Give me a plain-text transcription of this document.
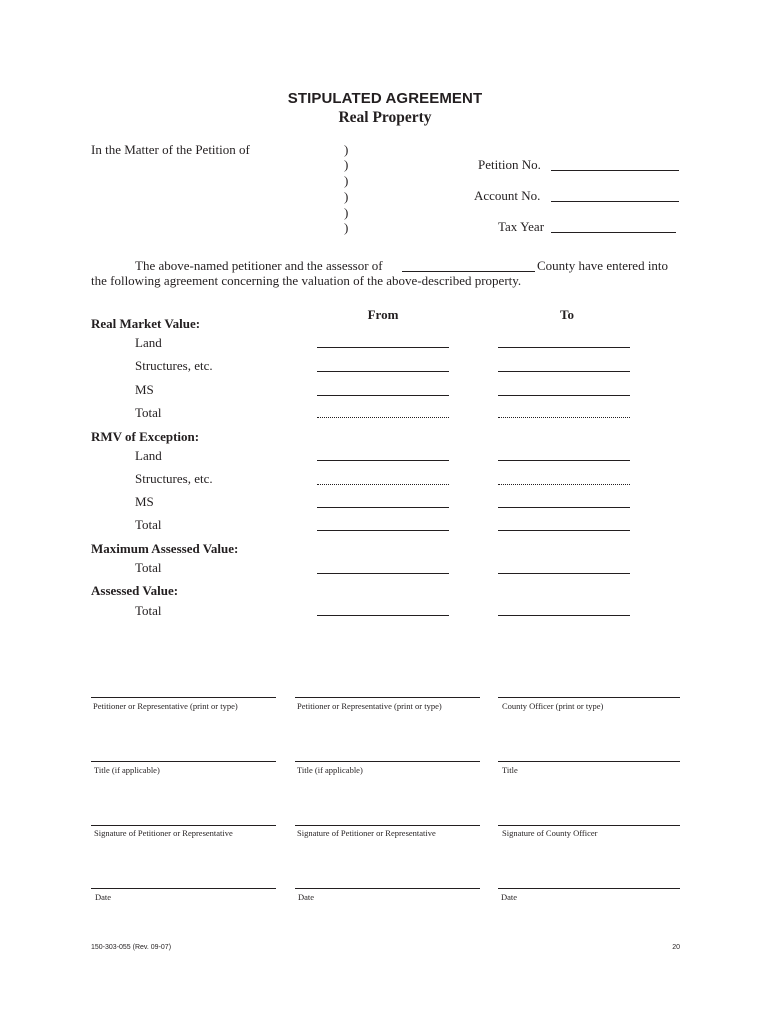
STIPULATED AGREEMENT
Real Property
In the Matter of the Petition of	)
)
)
)
)
)
Petition No.
Account No.
Tax Year
The above-named petitioner and the assessor of	County have entered into
the following agreement concerning the valuation of the above-described property.
From	To
Real Market Value:
Land
Structures, etc.
MS
Total
RMV of Exception:
Land
Structures, etc.
MS
Total
Maximum Assessed Value:
Total
Assessed Value:
Total
Petitioner or Representative (print or type)	Petitioner or Representative (print or type)	County Officer (print or type)
Title (if applicable)	Title (if applicable)	Title
Signature of Petitioner or Representative	Signature of Petitioner or Representative	Signature of County Officer
Date	Date	Date
150-303-055 (Rev. 09-07)	20
